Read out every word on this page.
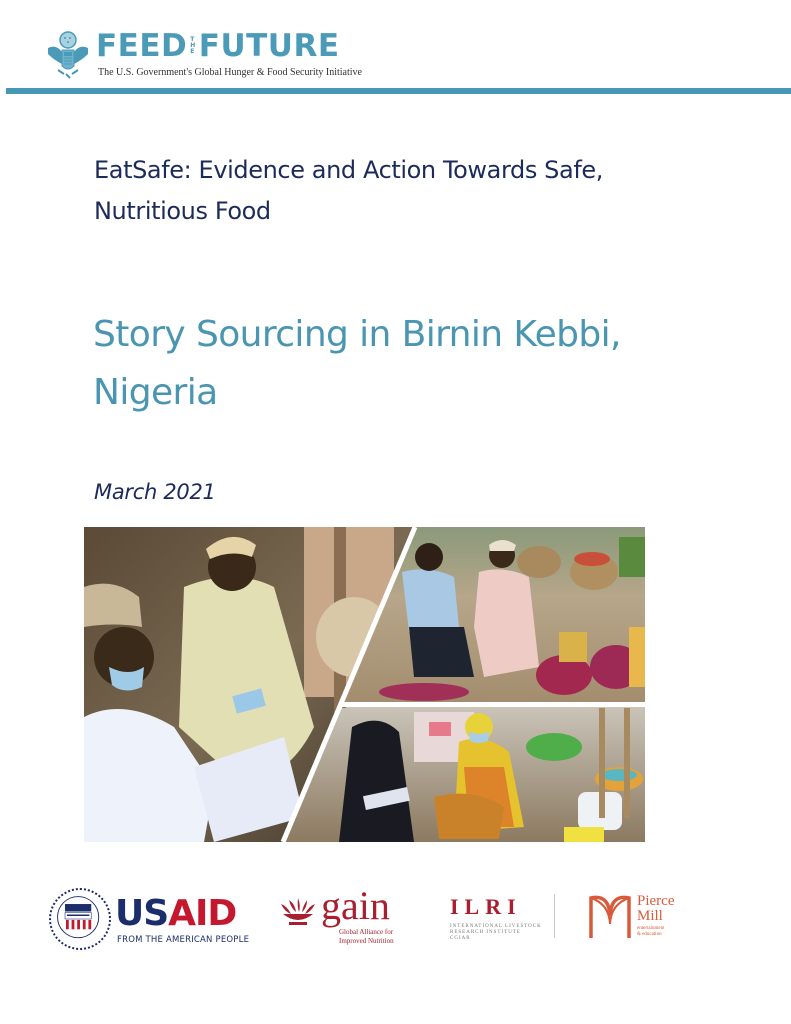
FEED T
H
E FUTURE
The U.S. Government's Global Hunger & Food Security Initiative
EatSafe: Evidence and Action Towards Safe,
Nutritious Food
Story Sourcing in Birnin Kebbi,
Nigeria
March 2021
USAID
FROM THE AMERICAN PEOPLE
gain
Global Alliance for
Improved Nutrition
ILRI
INTERNATIONAL LIVESTOCK
RESEARCH INSTITUTE
CGIAR
Pierce
Mill
entertainment
& education
